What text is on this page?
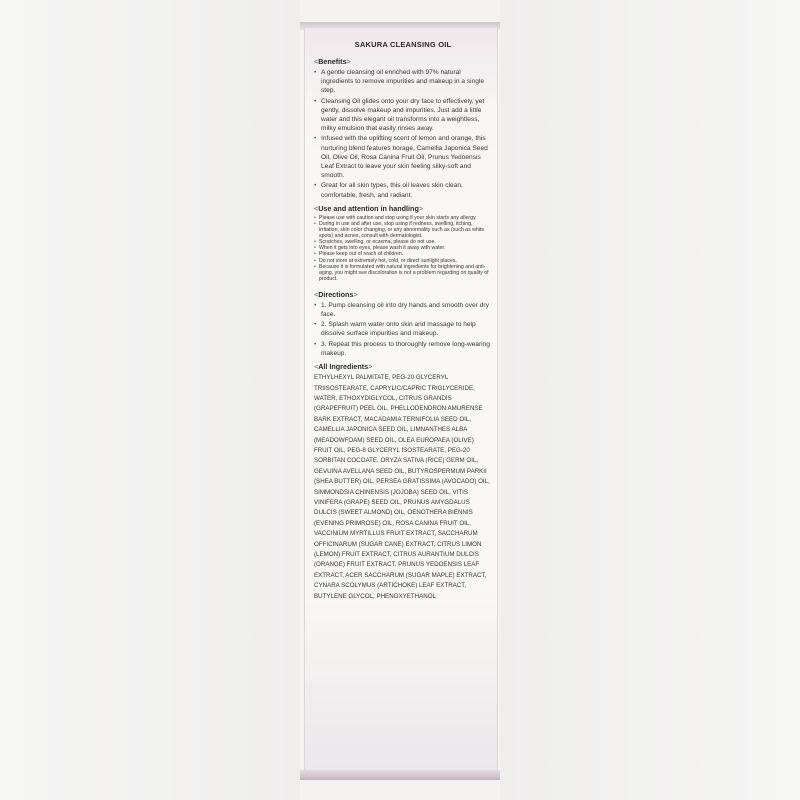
SAKURA CLEANSING OIL
<Benefits>
• A gentle cleansing oil enriched with 97% natural ingredients to remove impurities and makeup in a single step.
• Cleansing Oil glides onto your dry face to effectively, yet gently, dissolve makeup and impurities. Just add a little water and this elegant oil transforms into a weightless, milky emulsion that easily rinses away.
• Infused with the uplifting scent of lemon and orange, this nurturing blend features borage, Camellia Japonica Seed Oil, Olive Oil, Rosa Canina Fruit Oil, Prunus Yedoensis Leaf Extract to leave your skin feeling silky-soft and smooth.
• Great for all skin types, this oil leaves skin clean, comfortable, fresh, and radiant.
<Use and attention in handling>
• Please use with caution and stop using if your skin starts any allergy.
• During in use and after use, stop using if redness, swelling, itching, irritation, skin color changing, or any abnormality such as (such as white spots) and acnes, consult with dermatologist.
• Scratches, swelling, or eczema, please do not use.
• When it gets into eyes, please wash it away with water.
• Please keep out of reach of children.
• Do not store at extremely hot, cold, or direct sunlight places.
• Because it is formulated with natural ingredients for brightening and anti-aging, you might see discoloration is not a problem regarding on quality of product.
<Directions>
• 1. Pump cleansing oil into dry hands and smooth over dry face.
• 2. Splash warm water onto skin and massage to help dissolve surface impurities and makeup.
• 3. Repeat this process to thoroughly remove long-wearing makeup.
<All Ingredients>

ETHYLHEXYL PALMITATE, PEG-20 GLYCERYL TRIISOSTEARATE, CAPRYLIC/CAPRIC TRIGLYCERIDE, WATER, ETHOXYDIGLYCOL, CITRUS GRANDIS (GRAPEFRUIT) PEEL OIL, PHELLODENDRON AMURENSE BARK EXTRACT, MACADAMIA TERNIFOLIA SEED OIL, CAMELLIA JAPONICA SEED OIL, LIMNANTHES ALBA (MEADOWFOAM) SEED OIL, OLEA EUROPAEA (OLIVE) FRUIT OIL, PEG-8 GLYCERYL ISOSTEARATE, PEG-20 SORBITAN COCOATE, ORYZA SATIVA (RICE) GERM OIL, GEVUINA AVELLANA SEED OIL, BUTYROSPERMUM PARKII (SHEA BUTTER) OIL, PERSEA GRATISSIMA (AVOCADO) OIL, SIMMONDSIA CHINENSIS (JOJOBA) SEED OIL, VITIS VINIFERA (GRAPE) SEED OIL, PRUNUS AMYGDALUS DULCIS (SWEET ALMOND) OIL, OENOTHERA BIENNIS (EVENING PRIMROSE) OIL, ROSA CANINA FRUIT OIL, VACCINIUM MYRTILLUS FRUIT EXTRACT, SACCHARUM OFFICINARUM (SUGAR CANE) EXTRACT, CITRUS LIMON (LEMON) FRUIT EXTRACT, CITRUS AURANTIUM DULCIS (ORANGE) FRUIT EXTRACT, PRUNUS YEDOENSIS LEAF EXTRACT, ACER SACCHARUM (SUGAR MAPLE) EXTRACT, CYNARA SCOLYMUS (ARTICHOKE) LEAF EXTRACT, BUTYLENE GLYCOL, PHENOXYETHANOL
